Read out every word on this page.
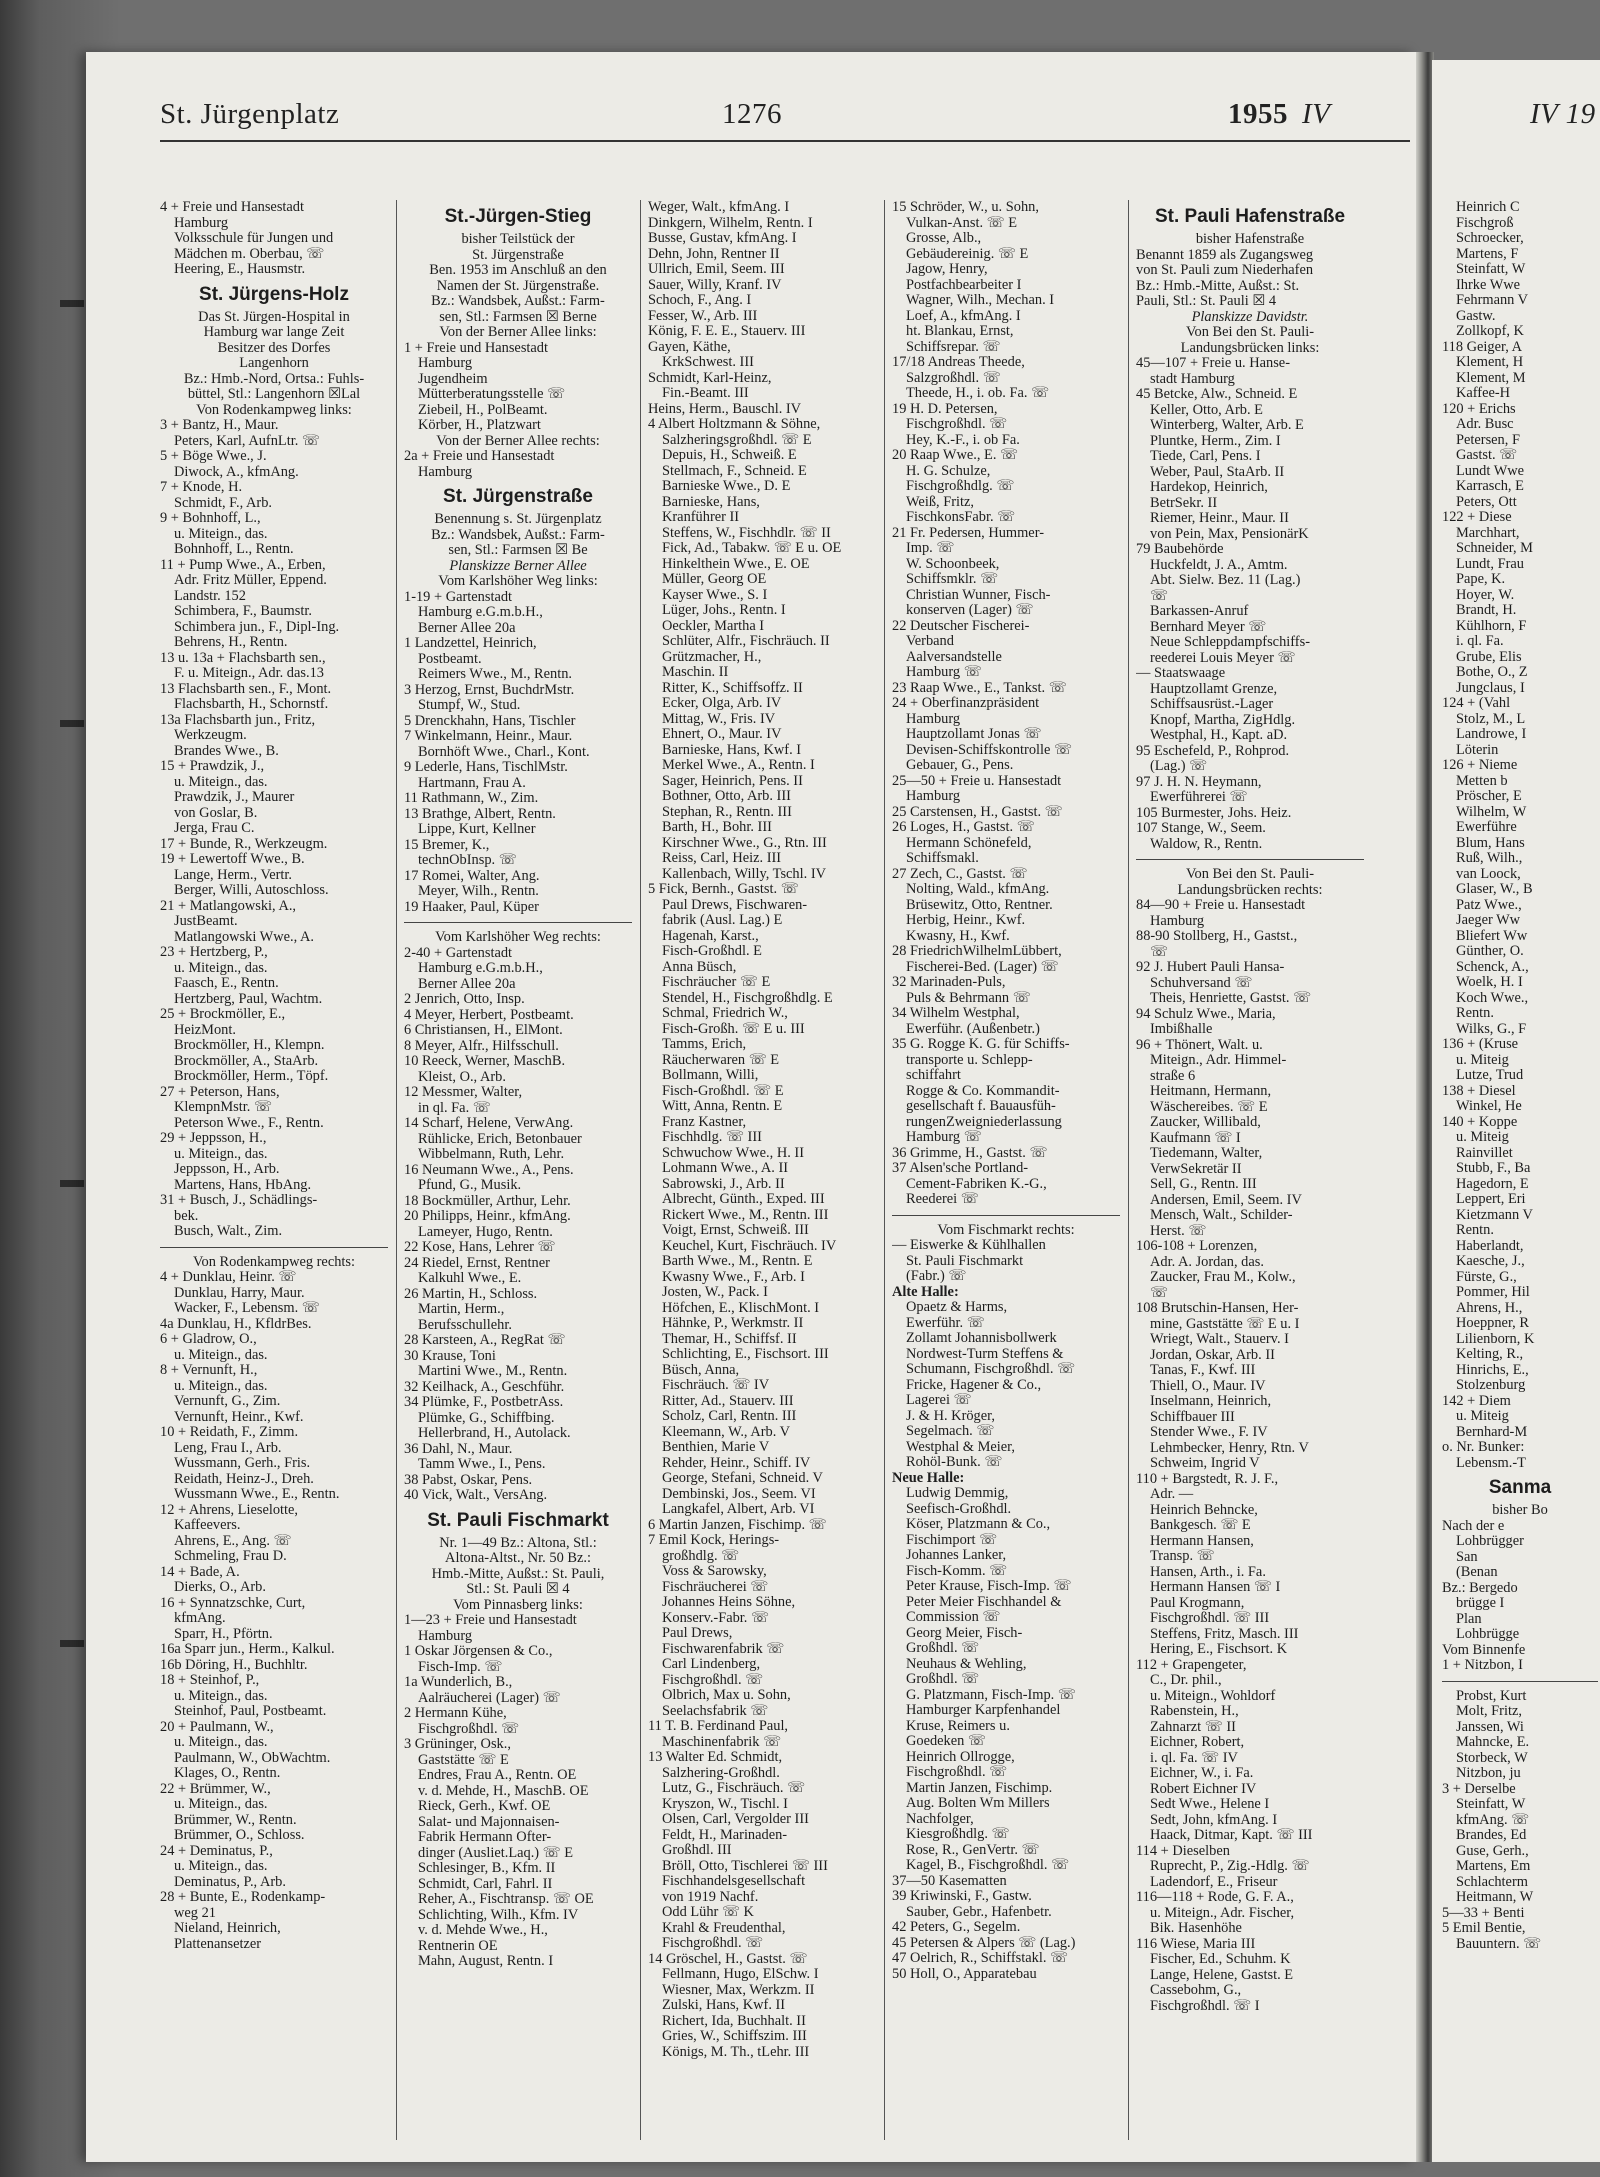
St. Jürgenplatz	1276	1955 IV	IV 19
4 + Freie und Hansestadt
Hamburg
Volksschule für Jungen und
Mädchen m. Oberbau, ☏
Heering, E., Hausmstr.
St. Jürgens-Holz
Das St. Jürgen-Hospital in
Hamburg war lange Zeit
Besitzer des Dorfes
Langenhorn
Bz.: Hmb.-Nord, Ortsa.: Fuhls-
büttel, Stl.: Langenhorn ☒Lal
Von Rodenkampweg links:
3 + Bantz, H., Maur.
Peters, Karl, AufnLtr. ☏
5 + Böge Wwe., J.
Diwock, A., kfmAng.
7 + Knode, H.
Schmidt, F., Arb.
9 + Bohnhoff, L.,
u. Miteign., das.
Bohnhoff, L., Rentn.
11 + Pump Wwe., A., Erben,
Adr. Fritz Müller, Eppend.
Landstr. 152
Schimbera, F., Baumstr.
Schimbera jun., F., Dipl-Ing.
Behrens, H., Rentn.
13 u. 13a + Flachsbarth sen.,
F. u. Miteign., Adr. das.13
13 Flachsbarth sen., F., Mont.
Flachsbarth, H., Schornstf.
13a Flachsbarth jun., Fritz,
Werkzeugm.
Brandes Wwe., B.
15 + Prawdzik, J.,
u. Miteign., das.
Prawdzik, J., Maurer
von Goslar, B.
Jerga, Frau C.
17 + Bunde, R., Werkzeugm.
19 + Lewertoff Wwe., B.
Lange, Herm., Vertr.
Berger, Willi, Autoschloss.
21 + Matlangowski, A.,
JustBeamt.
Matlangowski Wwe., A.
23 + Hertzberg, P.,
u. Miteign., das.
Faasch, E., Rentn.
Hertzberg, Paul, Wachtm.
25 + Brockmöller, E.,
HeizMont.
Brockmöller, H., Klempn.
Brockmöller, A., StaArb.
Brockmöller, Herm., Töpf.
27 + Peterson, Hans,
KlempnMstr. ☏
Peterson Wwe., F., Rentn.
29 + Jeppsson, H.,
u. Miteign., das.
Jeppsson, H., Arb.
Martens, Hans, HbAng.
31 + Busch, J., Schädlings-
bek.
Busch, Walt., Zim.
Von Rodenkampweg rechts:
4 + Dunklau, Heinr. ☏
Dunklau, Harry, Maur.
Wacker, F., Lebensm. ☏
4a Dunklau, H., KfldrBes.
6 + Gladrow, O.,
u. Miteign., das.
8 + Vernunft, H.,
u. Miteign., das.
Vernunft, G., Zim.
Vernunft, Heinr., Kwf.
10 + Reidath, F., Zimm.
Leng, Frau I., Arb.
Wussmann, Gerh., Fris.
Reidath, Heinz-J., Dreh.
Wussmann Wwe., E., Rentn.
12 + Ahrens, Lieselotte,
Kaffeevers.
Ahrens, E., Ang. ☏
Schmeling, Frau D.
14 + Bade, A.
Dierks, O., Arb.
16 + Synnatzschke, Curt,
kfmAng.
Sparr, H., Pförtn.
16a Sparr jun., Herm., Kalkul.
16b Döring, H., Buchhltr.
18 + Steinhof, P.,
u. Miteign., das.
Steinhof, Paul, Postbeamt.
20 + Paulmann, W.,
u. Miteign., das.
Paulmann, W., ObWachtm.
Klages, O., Rentn.
22 + Brümmer, W.,
u. Miteign., das.
Brümmer, W., Rentn.
Brümmer, O., Schloss.
24 + Deminatus, P.,
u. Miteign., das.
Deminatus, P., Arb.
28 + Bunte, E., Rodenkamp-
weg 21
Nieland, Heinrich,
Plattenansetzer
St.-Jürgen-Stieg
bisher Teilstück der
St. Jürgenstraße
Ben. 1953 im Anschluß an den
Namen der St. Jürgenstraße.
Bz.: Wandsbek, Außst.: Farm-
sen, Stl.: Farmsen ☒ Berne
Von der Berner Allee links:
1 + Freie und Hansestadt
Hamburg
Jugendheim
Mütterberatungsstelle ☏
Ziebeil, H., PolBeamt.
Körber, H., Platzwart
Von der Berner Allee rechts:
2a + Freie und Hansestadt
Hamburg
St. Jürgenstraße
Benennung s. St. Jürgenplatz
Bz.: Wandsbek, Außst.: Farm-
sen, Stl.: Farmsen ☒ Be
Planskizze Berner Allee
Vom Karlshöher Weg links:
1-19 + Gartenstadt
Hamburg e.G.m.b.H.,
Berner Allee 20a
1 Landzettel, Heinrich,
Postbeamt.
Reimers Wwe., M., Rentn.
3 Herzog, Ernst, BuchdrMstr.
Stumpf, W., Stud.
5 Drenckhahn, Hans, Tischler
7 Winkelmann, Heinr., Maur.
Bornhöft Wwe., Charl., Kont.
9 Lederle, Hans, TischlMstr.
Hartmann, Frau A.
11 Rathmann, W., Zim.
13 Brathge, Albert, Rentn.
Lippe, Kurt, Kellner
15 Bremer, K.,
technObInsp. ☏
17 Romei, Walter, Ang.
Meyer, Wilh., Rentn.
19 Haaker, Paul, Küper
Vom Karlshöher Weg rechts:
2-40 + Gartenstadt
Hamburg e.G.m.b.H.,
Berner Allee 20a
2 Jenrich, Otto, Insp.
4 Meyer, Herbert, Postbeamt.
6 Christiansen, H., ElMont.
8 Meyer, Alfr., Hilfsschull.
10 Reeck, Werner, MaschB.
Kleist, O., Arb.
12 Messmer, Walter,
in ql. Fa. ☏
14 Scharf, Helene, VerwAng.
Rühlicke, Erich, Betonbauer
Wibbelmann, Ruth, Lehr.
16 Neumann Wwe., A., Pens.
Pfund, G., Musik.
18 Bockmüller, Arthur, Lehr.
20 Philipps, Heinr., kfmAng.
Lameyer, Hugo, Rentn.
22 Kose, Hans, Lehrer ☏
24 Riedel, Ernst, Rentner
Kalkuhl Wwe., E.
26 Martin, H., Schloss.
Martin, Herm.,
Berufsschullehr.
28 Karsteen, A., RegRat ☏
30 Krause, Toni
Martini Wwe., M., Rentn.
32 Keilhack, A., Geschführ.
34 Plümke, F., PostbetrAss.
Plümke, G., Schiffbing.
Hellerbrand, H., Autolack.
36 Dahl, N., Maur.
Tamm Wwe., I., Pens.
38 Pabst, Oskar, Pens.
40 Vick, Walt., VersAng.
St. Pauli Fischmarkt
Nr. 1—49 Bz.: Altona, Stl.:
Altona-Altst., Nr. 50 Bz.:
Hmb.-Mitte, Außst.: St. Pauli,
Stl.: St. Pauli ☒ 4
Vom Pinnasberg links:
1—23 + Freie und Hansestadt
Hamburg
1 Oskar Jörgensen & Co.,
Fisch-Imp. ☏
1a Wunderlich, B.,
Aalräucherei (Lager) ☏
2 Hermann Kühe,
Fischgroßhdl. ☏
3 Grüninger, Osk.,
Gaststätte ☏ E
Endres, Frau A., Rentn. OE
v. d. Mehde, H., MaschB. OE
Rieck, Gerh., Kwf. OE
Salat- und Majonnaisen-
Fabrik Hermann Ofter-
dinger (Ausliet.Laq.) ☏ E
Schlesinger, B., Kfm. II
Schmidt, Carl, Fahrl. II
Reher, A., Fischtransp. ☏ OE
Schlichting, Wilh., Kfm. IV
v. d. Mehde Wwe., H.,
Rentnerin OE
Mahn, August, Rentn. I
Weger, Walt., kfmAng. I
Dinkgern, Wilhelm, Rentn. I
Busse, Gustav, kfmAng. I
Dehn, John, Rentner II
Ullrich, Emil, Seem. III
Sauer, Willy, Kranf. IV
Schoch, F., Ang. I
Fesser, W., Arb. III
König, F. E. E., Stauerv. III
Gayen, Käthe,
KrkSchwest. III
Schmidt, Karl-Heinz,
Fin.-Beamt. III
Heins, Herm., Bauschl. IV
4 Albert Holtzmann & Söhne,
Salzheringsgroßhdl. ☏ E
Depuis, H., Schweiß. E
Stellmach, F., Schneid. E
Barnieske Wwe., D. E
Barnieske, Hans,
Kranführer II
Steffens, W., Fischhdlr. ☏ II
Fick, Ad., Tabakw. ☏ E u. OE
Hinkelthein Wwe., E. OE
Müller, Georg OE
Kayser Wwe., S. I
Lüger, Johs., Rentn. I
Oeckler, Martha I
Schlüter, Alfr., Fischräuch. II
Grützmacher, H.,
Maschin. II
Ritter, K., Schiffsoffz. II
Ecker, Olga, Arb. IV
Mittag, W., Fris. IV
Ehnert, O., Maur. IV
Barnieske, Hans, Kwf. I
Merkel Wwe., A., Rentn. I
Sager, Heinrich, Pens. II
Bothner, Otto, Arb. III
Stephan, R., Rentn. III
Barth, H., Bohr. III
Kirschner Wwe., G., Rtn. III
Reiss, Carl, Heiz. III
Kallenbach, Willy, Tschl. IV
5 Fick, Bernh., Gastst. ☏
Paul Drews, Fischwaren-
fabrik (Ausl. Lag.) E
Hagenah, Karst.,
Fisch-Großhdl. E
Anna Büsch,
Fischräucher ☏ E
Stendel, H., Fischgroßhdlg. E
Schmal, Friedrich W.,
Fisch-Großh. ☏ E u. III
Tamms, Erich,
Räucherwaren ☏ E
Bollmann, Willi,
Fisch-Großhdl. ☏ E
Witt, Anna, Rentn. E
Franz Kastner,
Fischhdlg. ☏ III
Schwuchow Wwe., H. II
Lohmann Wwe., A. II
Sabrowski, J., Arb. II
Albrecht, Günth., Exped. III
Rickert Wwe., M., Rentn. III
Voigt, Ernst, Schweiß. III
Keuchel, Kurt, Fischräuch. IV
Barth Wwe., M., Rentn. E
Kwasny Wwe., F., Arb. I
Josten, W., Pack. I
Höfchen, E., KlischMont. I
Hähnke, P., Werkmstr. II
Themar, H., Schiffsf. II
Schlichting, E., Fischsort. III
Büsch, Anna,
Fischräuch. ☏ IV
Ritter, Ad., Stauerv. III
Scholz, Carl, Rentn. III
Kleemann, W., Arb. V
Benthien, Marie V
Rehder, Heinr., Schiff. IV
George, Stefani, Schneid. V
Dembinski, Jos., Seem. VI
Langkafel, Albert, Arb. VI
6 Martin Janzen, Fischimp. ☏
7 Emil Kock, Herings-
großhdlg. ☏
Voss & Sarowsky,
Fischräucherei ☏
Johannes Heins Söhne,
Konserv.-Fabr. ☏
Paul Drews,
Fischwarenfabrik ☏
Carl Lindenberg,
Fischgroßhdl. ☏
Olbrich, Max u. Sohn,
Seelachsfabrik ☏
11 T. B. Ferdinand Paul,
Maschinenfabrik ☏
13 Walter Ed. Schmidt,
Salzhering-Großhdl.
Lutz, G., Fischräuch. ☏
Kryszon, W., Tischl. I
Olsen, Carl, Vergolder III
Feldt, H., Marinaden-
Großhdl. III
Bröll, Otto, Tischlerei ☏ III
Fischhandelsgesellschaft
von 1919 Nachf.
Odd Lühr ☏ K
Krahl & Freudenthal,
Fischgroßhdl. ☏
14 Gröschel, H., Gastst. ☏
Fellmann, Hugo, ElSchw. I
Wiesner, Max, Werkzm. II
Zulski, Hans, Kwf. II
Richert, Ida, Buchhalt. II
Gries, W., Schiffszim. III
Königs, M. Th., tLehr. III
15 Schröder, W., u. Sohn,
Vulkan-Anst. ☏ E
Grosse, Alb.,
Gebäudereinig. ☏ E
Jagow, Henry,
Postfachbearbeiter I
Wagner, Wilh., Mechan. I
Loef, A., kfmAng. I
ht. Blankau, Ernst,
Schiffsrepar. ☏
17/18 Andreas Theede,
Salzgroßhdl. ☏
Theede, H., i. ob. Fa. ☏
19 H. D. Petersen,
Fischgroßhdl. ☏
Hey, K.-F., i. ob Fa.
20 Raap Wwe., E. ☏
H. G. Schulze,
Fischgroßhdlg. ☏
Weiß, Fritz,
FischkonsFabr. ☏
21 Fr. Pedersen, Hummer-
Imp. ☏
W. Schoonbeek,
Schiffsmklr. ☏
Christian Wunner, Fisch-
konserven (Lager) ☏
22 Deutscher Fischerei-
Verband
Aalversandstelle
Hamburg ☏
23 Raap Wwe., E., Tankst. ☏
24 + Oberfinanzpräsident
Hamburg
Hauptzollamt Jonas ☏
Devisen-Schiffskontrolle ☏
Gebauer, G., Pens.
25—50 + Freie u. Hansestadt
Hamburg
25 Carstensen, H., Gastst. ☏
26 Loges, H., Gastst. ☏
Hermann Schönefeld,
Schiffsmakl.
27 Zech, C., Gastst. ☏
Nolting, Wald., kfmAng.
Brüsewitz, Otto, Rentner.
Herbig, Heinr., Kwf.
Kwasny, H., Kwf.
28 FriedrichWilhelmLübbert,
Fischerei-Bed. (Lager) ☏
32 Marinaden-Puls,
Puls & Behrmann ☏
34 Wilhelm Westphal,
Ewerführ. (Außenbetr.)
35 G. Rogge K. G. für Schiffs-
transporte u. Schlepp-
schiffahrt
Rogge & Co. Kommandit-
gesellschaft f. Bauausfüh-
rungenZweigniederlassung
Hamburg ☏
36 Grimme, H., Gastst. ☏
37 Alsen'sche Portland-
Cement-Fabriken K.-G.,
Reederei ☏
Vom Fischmarkt rechts:
— Eiswerke & Kühlhallen
St. Pauli Fischmarkt
(Fabr.) ☏
Alte Halle:
Opaetz & Harms,
Ewerführ. ☏
Zollamt Johannisbollwerk
Nordwest-Turm Steffens &
Schumann, Fischgroßhdl. ☏
Fricke, Hagener & Co.,
Lagerei ☏
J. & H. Kröger,
Segelmach. ☏
Westphal & Meier,
Rohöl-Bunk. ☏
Neue Halle:
Ludwig Demmig,
Seefisch-Großhdl.
Köser, Platzmann & Co.,
Fischimport ☏
Johannes Lanker,
Fisch-Komm. ☏
Peter Krause, Fisch-Imp. ☏
Peter Meier Fischhandel &
Commission ☏
Georg Meier, Fisch-
Großhdl. ☏
Neuhaus & Wehling,
Großhdl. ☏
G. Platzmann, Fisch-Imp. ☏
Hamburger Karpfenhandel
Kruse, Reimers u.
Goedeken ☏
Heinrich Ollrogge,
Fischgroßhdl. ☏
Martin Janzen, Fischimp.
Aug. Bolten Wm Millers
Nachfolger,
Kiesgroßhdlg. ☏
Rose, R., GenVertr. ☏
Kagel, B., Fischgroßhdl. ☏
37—50 Kasematten
39 Kriwinski, F., Gastw.
Sauber, Gebr., Hafenbetr.
42 Peters, G., Segelm.
45 Petersen & Alpers ☏ (Lag.)
47 Oelrich, R., Schiffstakl. ☏
50 Holl, O., Apparatebau
St. Pauli Hafenstraße
bisher Hafenstraße
Benannt 1859 als Zugangsweg
von St. Pauli zum Niederhafen
Bz.: Hmb.-Mitte, Außst.: St.
Pauli, Stl.: St. Pauli ☒ 4
Planskizze Davidstr.
Von Bei den St. Pauli-
Landungsbrücken links:
45—107 + Freie u. Hanse-
stadt Hamburg
45 Betcke, Alw., Schneid. E
Keller, Otto, Arb. E
Winterberg, Walter, Arb. E
Pluntke, Herm., Zim. I
Tiede, Carl, Pens. I
Weber, Paul, StaArb. II
Hardekop, Heinrich,
BetrSekr. II
Riemer, Heinr., Maur. II
von Pein, Max, PensionärK
79 Baubehörde
Huckfeldt, J. A., Amtm.
Abt. Sielw. Bez. 11 (Lag.)
☏
Barkassen-Anruf
Bernhard Meyer ☏
Neue Schleppdampfschiffs-
reederei Louis Meyer ☏
— Staatswaage
Hauptzollamt Grenze,
Schiffsausrüst.-Lager
Knopf, Martha, ZigHdlg.
Westphal, H., Kapt. aD.
95 Eschefeld, P., Rohprod.
(Lag.) ☏
97 J. H. N. Heymann,
Ewerführerei ☏
105 Burmester, Johs. Heiz.
107 Stange, W., Seem.
Waldow, R., Rentn.
Von Bei den St. Pauli-
Landungsbrücken rechts:
84—90 + Freie u. Hansestadt
Hamburg
88-90 Stollberg, H., Gastst.,
☏
92 J. Hubert Pauli Hansa-
Schuhversand ☏
Theis, Henriette, Gastst. ☏
94 Schulz Wwe., Maria,
Imbißhalle
96 + Thönert, Walt. u.
Miteign., Adr. Himmel-
straße 6
Heitmann, Hermann,
Wäschereibes. ☏ E
Zaucker, Willibald,
Kaufmann ☏ I
Tiedemann, Walter,
VerwSekretär II
Sell, G., Rentn. III
Andersen, Emil, Seem. IV
Mensch, Walt., Schilder-
Herst. ☏
106-108 + Lorenzen,
Adr. A. Jordan, das.
Zaucker, Frau M., Kolw.,
☏
108 Brutschin-Hansen, Her-
mine, Gaststätte ☏ E u. I
Wriegt, Walt., Stauerv. I
Jordan, Oskar, Arb. II
Tanas, F., Kwf. III
Thiell, O., Maur. IV
Inselmann, Heinrich,
Schiffbauer III
Stender Wwe., F. IV
Lehmbecker, Henry, Rtn. V
Schweim, Ingrid V
110 + Bargstedt, R. J. F.,
Adr. —
Heinrich Behncke,
Bankgesch. ☏ E
Hermann Hansen,
Transp. ☏
Hansen, Arth., i. Fa.
Hermann Hansen ☏ I
Paul Krogmann,
Fischgroßhdl. ☏ III
Steffens, Fritz, Masch. III
Hering, E., Fischsort. K
112 + Grapengeter,
C., Dr. phil.,
u. Miteign., Wohldorf
Rabenstein, H.,
Zahnarzt ☏ II
Eichner, Robert,
i. ql. Fa. ☏ IV
Eichner, W., i. Fa.
Robert Eichner IV
Sedt Wwe., Helene I
Sedt, John, kfmAng. I
Haack, Ditmar, Kapt. ☏ III
114 + Dieselben
Ruprecht, P., Zig.-Hdlg. ☏
Ladendorf, E., Friseur
116—118 + Rode, G. F. A.,
u. Miteign., Adr. Fischer,
Bik. Hasenhöhe
116 Wiese, Maria III
Fischer, Ed., Schuhm. K
Lange, Helene, Gastst. E
Cassebohm, G.,
Fischgroßhdl. ☏ I
Heinrich C
Fischgroß
Schroecker,
Martens, F
Steinfatt, W
Ihrke Wwe
Fehrmann V
Gastw.
Zollkopf, K
118 Geiger, A
Klement, H
Klement, M
Kaffee-H
120 + Erichs
Adr. Busc
Petersen, F
Gastst. ☏
Lundt Wwe
Karrasch, E
Peters, Ott
122 + Diese
Marchhart,
Schneider, M
Lundt, Frau
Pape, K.
Hoyer, W.
Brandt, H.
Kühlhorn, F
i. ql. Fa.
Grube, Elis
Bothe, O., Z
Jungclaus, I
124 + (Vahl
Stolz, M., L
Landrowe, I
Löterin
126 + Nieme
Metten b
Pröscher, E
Wilhelm, W
Ewerführe
Blum, Hans
Ruß, Wilh.,
van Loock,
Glaser, W., B
Patz Wwe.,
Jaeger Ww
Bliefert Ww
Günther, O.
Schenck, A.,
Woelk, H. I
Koch Wwe.,
Rentn.
Wilks, G., F
136 + (Kruse
u. Miteig
Lutze, Trud
138 + Diesel
Winkel, He
140 + Koppe
u. Miteig
Rainvillet
Stubb, F., Ba
Hagedorn, E
Leppert, Eri
Kietzmann V
Rentn.
Haberlandt,
Kaesche, J.,
Fürste, G.,
Pommer, Hil
Ahrens, H.,
Hoeppner, R
Lilienborn, K
Kelting, R.,
Hinrichs, E.,
Stolzenburg
142 + Diem
u. Miteig
Bernhard-M
o. Nr. Bunker:
Lebensm.-T
Sanma
bisher Bo
Nach der e
Lohbrügger
San
(Benan
Bz.: Bergedo
brügge I
Plan
Lohbrügge
Vom Binnenfe
1 + Nitzbon, I
Probst, Kurt
Molt, Fritz,
Janssen, Wi
Mahncke, E.
Storbeck, W
Nitzbon, ju
3 + Derselbe
Steinfatt, W
kfmAng. ☏
Brandes, Ed
Guse, Gerh.,
Martens, Em
Schlachterm
Heitmann, W
5—33 + Benti
5 Emil Bentie,
Bauuntern. ☏
